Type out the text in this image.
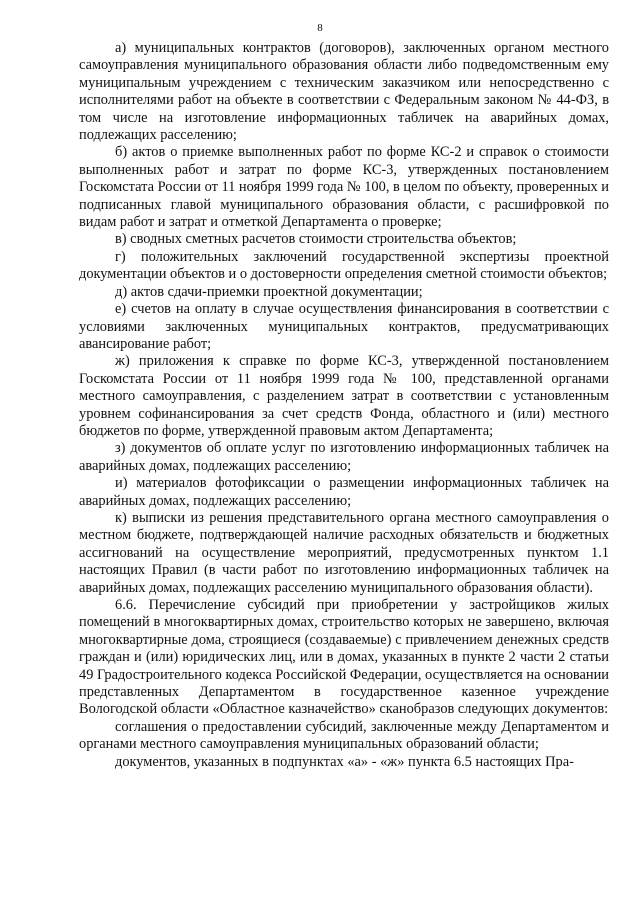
8

а) муниципальных контрактов (договоров), заключенных органом местного самоуправления муниципального образования области либо подведомственным ему муниципальным учреждением с техническим заказчиком или непосредственно с исполнителями работ на объекте в соответствии с Федеральным законом № 44-ФЗ, в том числе на изготовление информационных табличек на аварийных домах, подлежащих расселению;

б) актов о приемке выполненных работ по форме КС-2 и справок о стоимости выполненных работ и затрат по форме КС-3, утвержденных постановлением Госкомстата России от 11 ноября 1999 года № 100, в целом по объекту, проверенных и подписанных главой муниципального образования области, с расшифровкой по видам работ и затрат и отметкой Департамента о проверке;

в) сводных сметных расчетов стоимости строительства объектов;

г) положительных заключений государственной экспертизы проектной документации объектов и о достоверности определения сметной стоимости объектов;

д) актов сдачи-приемки проектной документации;

е) счетов на оплату в случае осуществления финансирования в соответствии с условиями заключенных муниципальных контрактов, предусматривающих авансирование работ;

ж) приложения к справке по форме КС-3, утвержденной постановлением Госкомстата России от 11 ноября 1999 года № 100, представленной органами местного самоуправления, с разделением затрат в соответствии с установленным уровнем софинансирования за счет средств Фонда, областного и (или) местного бюджетов по форме, утвержденной правовым актом Департамента;

з) документов об оплате услуг по изготовлению информационных табличек на аварийных домах, подлежащих расселению;

и) материалов фотофиксации о размещении информационных табличек на аварийных домах, подлежащих расселению;

к) выписки из решения представительного органа местного самоуправления о местном бюджете, подтверждающей наличие расходных обязательств и бюджетных ассигнований на осуществление мероприятий, предусмотренных пунктом 1.1 настоящих Правил (в части работ по изготовлению информационных табличек на аварийных домах, подлежащих расселению муниципального образования области).

6.6. Перечисление субсидий при приобретении у застройщиков жилых помещений в многоквартирных домах, строительство которых не завершено, включая многоквартирные дома, строящиеся (создаваемые) с привлечением денежных средств граждан и (или) юридических лиц, или в домах, указанных в пункте 2 части 2 статьи 49 Градостроительного кодекса Российской Федерации, осуществляется на основании представленных Департаментом в государственное казенное учреждение Вологодской области «Областное казначейство» сканобразов следующих документов:

соглашения о предоставлении субсидий, заключенные между Департаментом и органами местного самоуправления муниципальных образований области;

документов, указанных в подпунктах «а» - «ж» пункта 6.5 настоящих Пра-
